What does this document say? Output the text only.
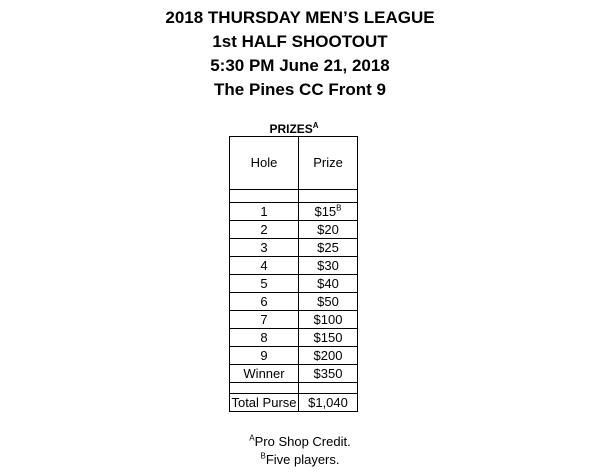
2018 THURSDAY MEN’S LEAGUE
1st HALF SHOOTOUT
5:30 PM June 21, 2018
The Pines CC Front 9
$PRIZES^A$
Hole	Prize

1	$\$15^B$
2	$20
3	$25
4	$30
5	$40
6	$50
7	$100
8	$150
9	$200
Winner	$350

Total Purse	$1,040
$^A$Pro Shop Credit.
$^B$Five players.
